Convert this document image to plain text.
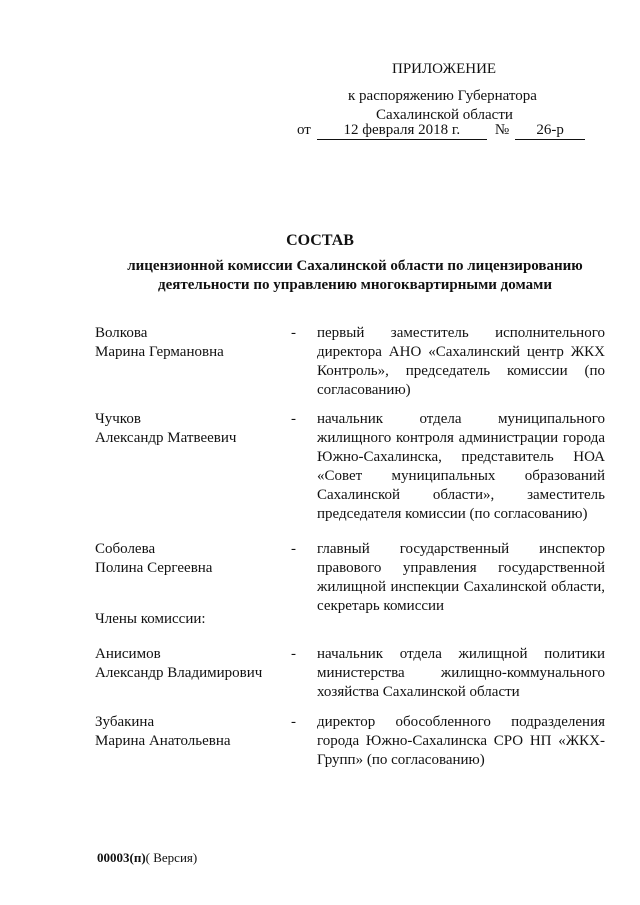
ПРИЛОЖЕНИЕ
к распоряжению Губернатора
Сахалинской области
от 12 февраля 2018 г. № 26-р
СОСТАВ
лицензионной комиссии Сахалинской области по лицензированию деятельности по управлению многоквартирными домами
Волкова
Марина Германовна
- первый заместитель исполнительного директора АНО «Сахалинский центр ЖКХ Контроль», председатель комиссии (по согласованию)
Чучков
Александр Матвеевич
- начальник отдела муниципального жилищного контроля администрации города Южно-Сахалинска, представитель НОА «Совет муниципальных образований Сахалинской области», заместитель председателя комиссии (по согласованию)
Соболева
Полина Сергеевна
- главный государственный инспектор правового управления государственной жилищной инспекции Сахалинской области, секретарь комиссии
Члены комиссии:
Анисимов
Александр Владимирович
- начальник отдела жилищной политики министерства жилищно-коммунального хозяйства Сахалинской области
Зубакина
Марина Анатольевна
- директор обособленного подразделения города Южно-Сахалинска СРО НП «ЖКХ-Групп» (по согласованию)
00003(п)( Версия)
